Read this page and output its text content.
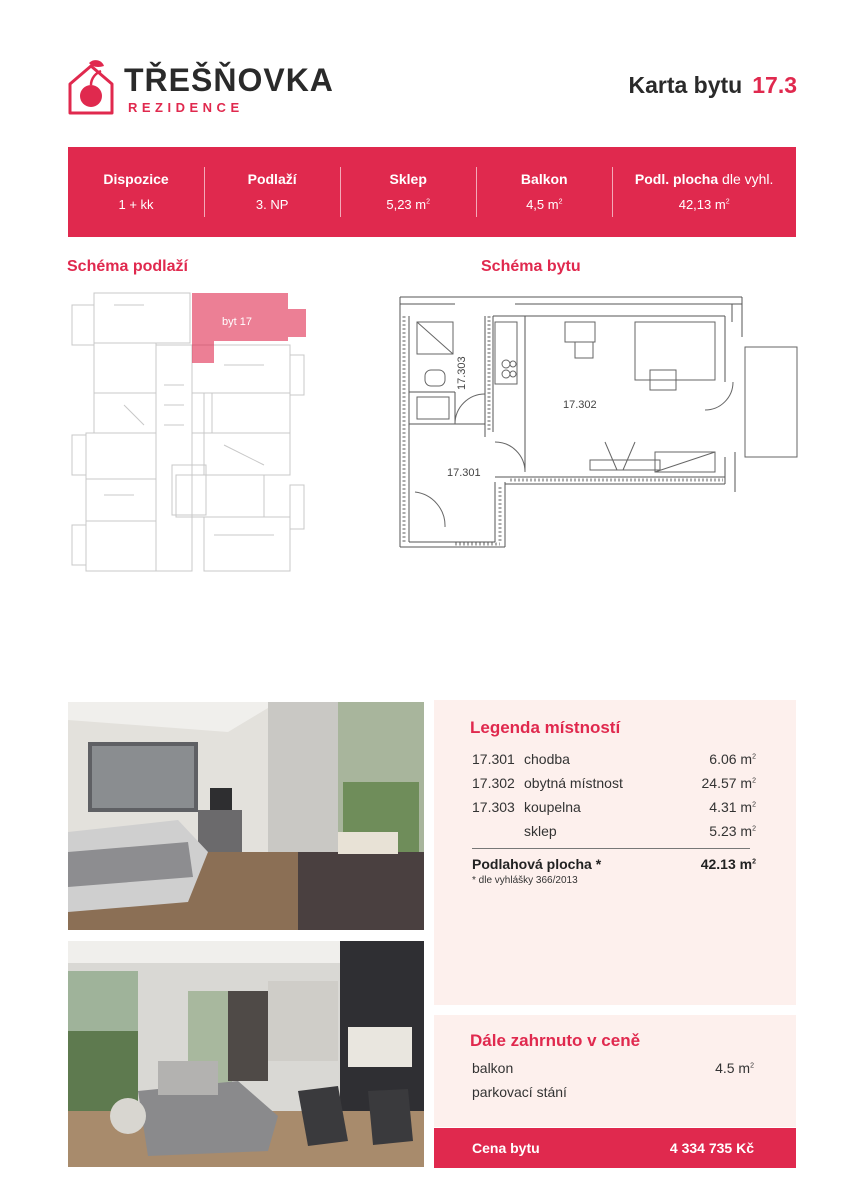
TŘEŠŇOVKA
REZIDENCE
Karta bytu 17.3
Dispozice
1 + kk
Podlaží
3. NP
Sklep
5,23 $m^2$
Balkon
4,5 $m^2$
Podl. plocha dle vyhl.
42,13 $m^2$
Schéma podlaží	Schéma bytu
byt 17
17.302
17.301
17.303
Legenda místností
17.301 chodba	6.06 $m^2$
17.302 obytná místnost	24.57 $m^2$
17.303 koupelna	4.31 $m^2$
sklep	5.23 $m^2$
Podlahová plocha *	42.13 $m^2$
* dle vyhlášky 366/2013
Dále zahrnuto v ceně
balkon	4.5 $m^2$
parkovací stání
Cena bytu	4 334 735 Kč
